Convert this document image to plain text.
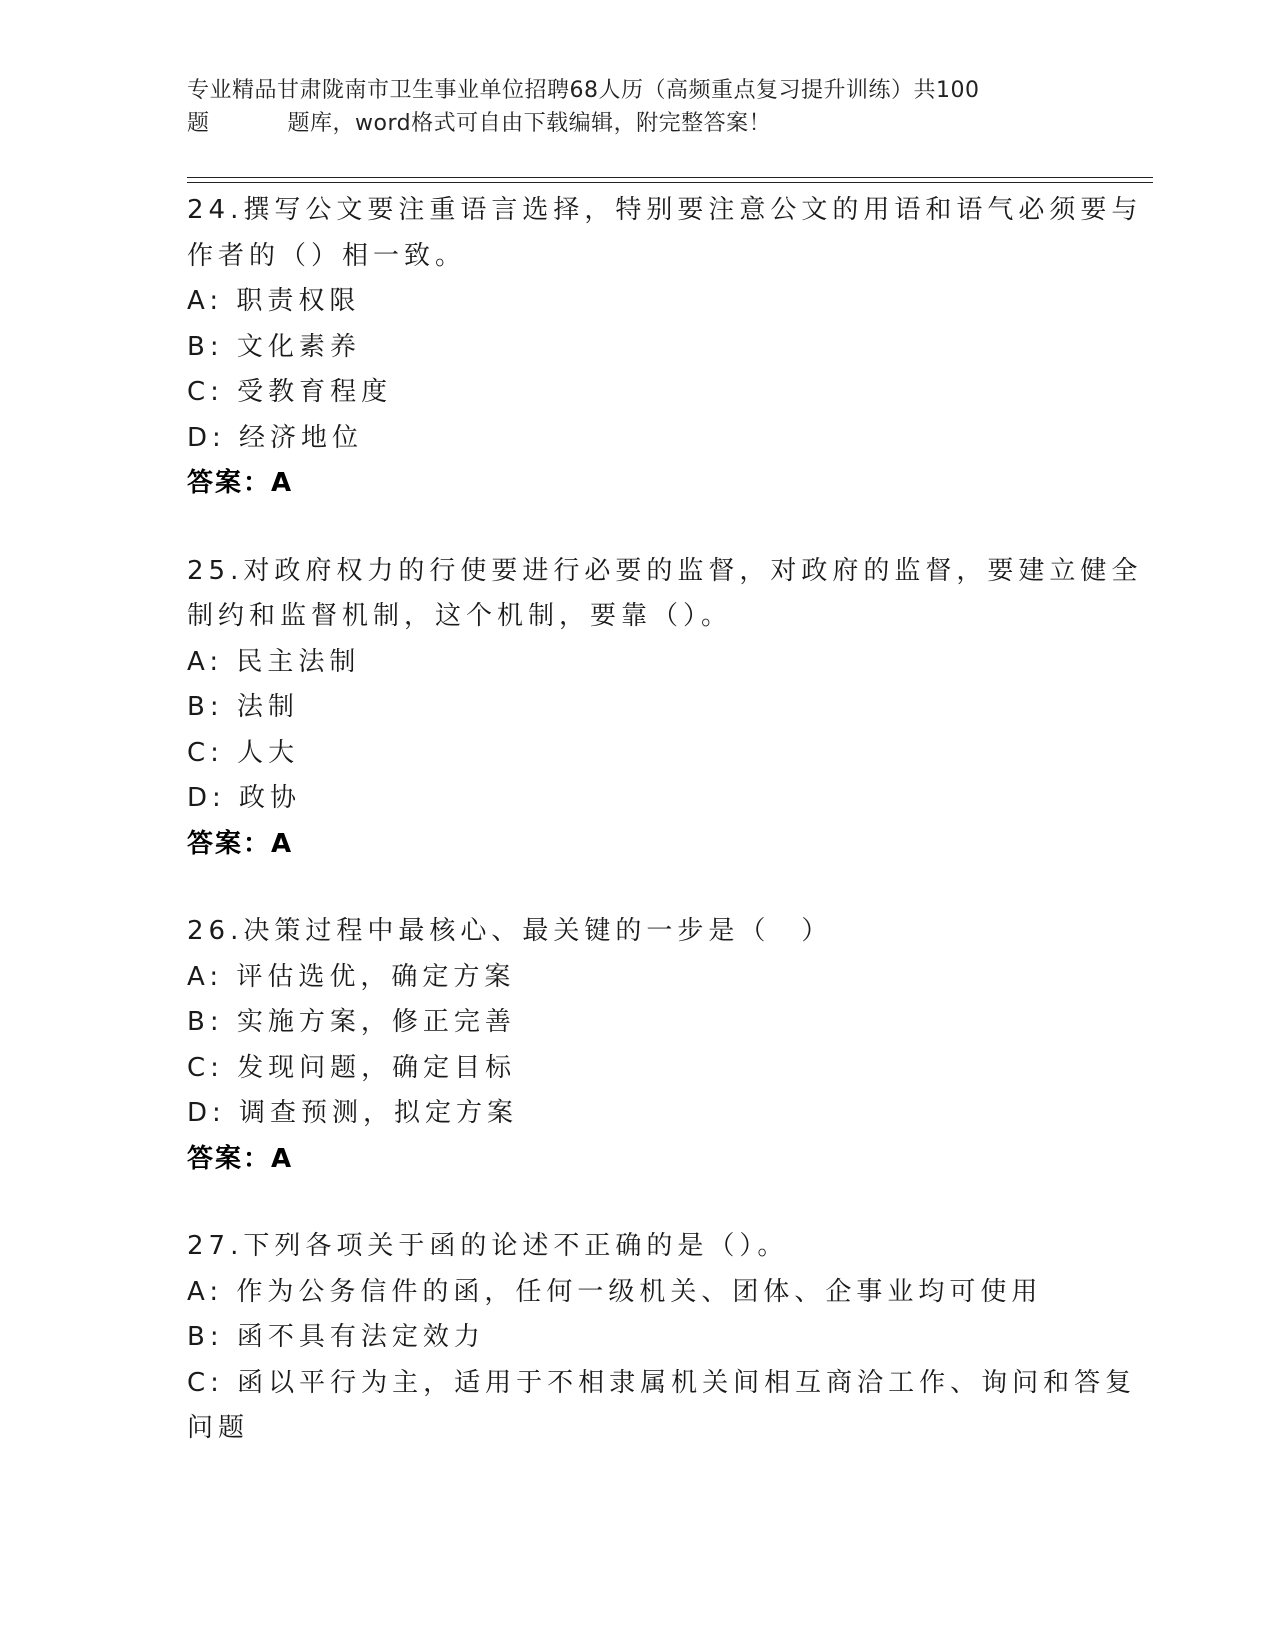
专业精品甘肃陇南市卫生事业单位招聘68人历（高频重点复习提升训练）共100
题	题库，word格式可自由下载编辑，附完整答案！
24.撰写公文要注重语言选择，特别要注意公文的用语和语气必须要与
作者的（）相一致。
A: 职责权限
B: 文化素养
C: 受教育程度
D: 经济地位
答案：A
25.对政府权力的行使要进行必要的监督，对政府的监督，要建立健全
制约和监督机制，这个机制，要靠（）。
A: 民主法制
B: 法制
C: 人大
D: 政协
答案：A
26.决策过程中最核心、最关键的一步是（　）
A: 评估选优，确定方案
B: 实施方案，修正完善
C: 发现问题，确定目标
D: 调查预测，拟定方案
答案：A
27.下列各项关于函的论述不正确的是（）。
A: 作为公务信件的函，任何一级机关、团体、企事业均可使用
B: 函不具有法定效力
C: 函以平行为主，适用于不相隶属机关间相互商洽工作、询问和答复
问题
